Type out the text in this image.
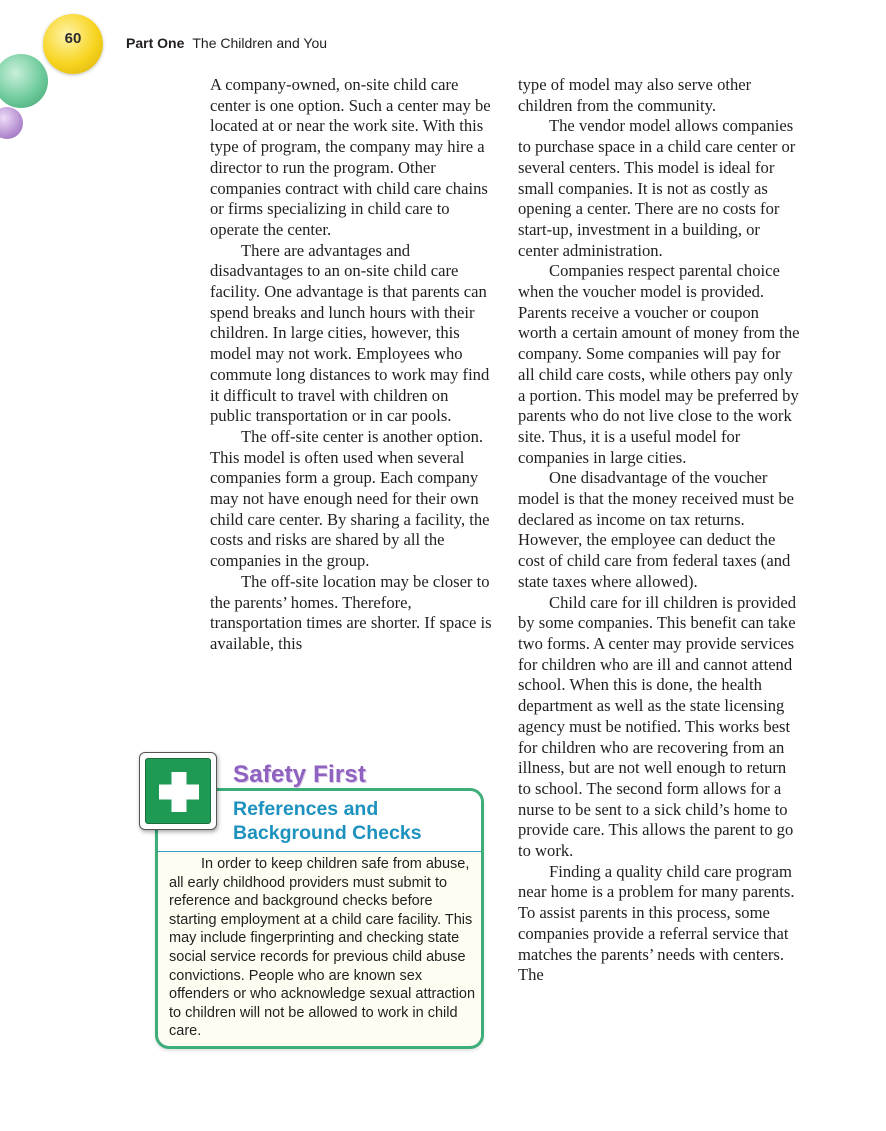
60	Part One The Children and You

A company-owned, on-site child care center is one option. Such a center may be located at or near the work site. With this type of program, the company may hire a director to run the program. Other companies contract with child care chains or firms specializing in child care to operate the center.

There are advantages and disadvantages to an on-site child care facility. One advantage is that parents can spend breaks and lunch hours with their children. In large cities, however, this model may not work. Employees who commute long distances to work may find it difficult to travel with children on public transportation or in car pools.

The off-site center is another option. This model is often used when several companies form a group. Each company may not have enough need for their own child care center. By sharing a facility, the costs and risks are shared by all the companies in the group.

The off-site location may be closer to the parents’ homes. Therefore, transportation times are shorter. If space is available, this

type of model may also serve other children from the community.

The vendor model allows companies to purchase space in a child care center or several centers. This model is ideal for small companies. It is not as costly as opening a center. There are no costs for start-up, investment in a building, or center administration.

Companies respect parental choice when the voucher model is provided. Parents receive a voucher or coupon worth a certain amount of money from the company. Some companies will pay for all child care costs, while others pay only a portion. This model may be preferred by parents who do not live close to the work site. Thus, it is a useful model for companies in large cities.

One disadvantage of the voucher model is that the money received must be declared as income on tax returns. However, the employee can deduct the cost of child care from federal taxes (and state taxes where allowed).

Child care for ill children is provided by some companies. This benefit can take two forms. A center may provide services for children who are ill and cannot attend school. When this is done, the health department as well as the state licensing agency must be notified. This works best for children who are recovering from an illness, but are not well enough to return to school. The second form allows for a nurse to be sent to a sick child’s home to provide care. This allows the parent to go to work.

Finding a quality child care program near home is a problem for many parents. To assist parents in this process, some companies provide a referral service that matches the parents’ needs with centers. The

Safety First
References and Background Checks

In order to keep children safe from abuse, all early childhood providers must submit to reference and background checks before starting employment at a child care facility. This may include fingerprinting and checking state social service records for previous child abuse convictions. People who are known sex offenders or who acknowledge sexual attraction to children will not be allowed to work in child care.
